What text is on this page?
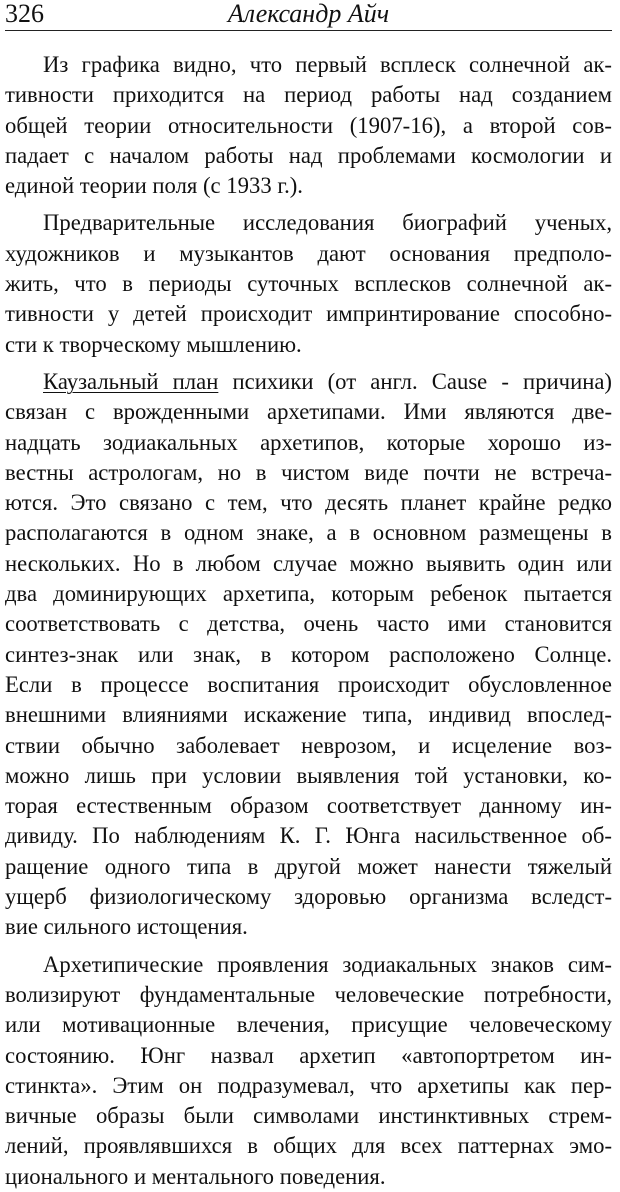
326	Александр Айч
Из графика видно, что первый всплеск солнечной ак-
тивности приходится на период работы над созданием
общей теории относительности (1907-16), а второй сов-
падает с началом работы над проблемами космологии и
единой теории поля (с 1933 г.).
Предварительные исследования биографий ученых,
художников и музыкантов дают основания предполо-
жить, что в периоды суточных всплесков солнечной ак-
тивности у детей происходит импринтирование способно-
сти к творческому мышлению.
Каузальный план психики (от англ. Cause - причина)
связан с врожденными архетипами. Ими являются две-
надцать зодиакальных архетипов, которые хорошо из-
вестны астрологам, но в чистом виде почти не встреча-
ются. Это связано с тем, что десять планет крайне редко
располагаются в одном знаке, а в основном размещены в
нескольких. Но в любом случае можно выявить один или
два доминирующих архетипа, которым ребенок пытается
соответствовать с детства, очень часто ими становится
синтез-знак или знак, в котором расположено Солнце.
Если в процессе воспитания происходит обусловленное
внешними влияниями искажение типа, индивид впослед-
ствии обычно заболевает неврозом, и исцеление воз-
можно лишь при условии выявления той установки, ко-
торая естественным образом соответствует данному ин-
дивиду. По наблюдениям К. Г. Юнга насильственное об-
ращение одного типа в другой может нанести тяжелый
ущерб физиологическому здоровью организма вследст-
вие сильного истощения.
Архетипические проявления зодиакальных знаков сим-
волизируют фундаментальные человеческие потребности,
или мотивационные влечения, присущие человеческому
состоянию. Юнг назвал архетип «автопортретом ин-
стинкта». Этим он подразумевал, что архетипы как пер-
вичные образы были символами инстинктивных стрем-
лений, проявлявшихся в общих для всех паттернах эмо-
ционального и ментального поведения.
